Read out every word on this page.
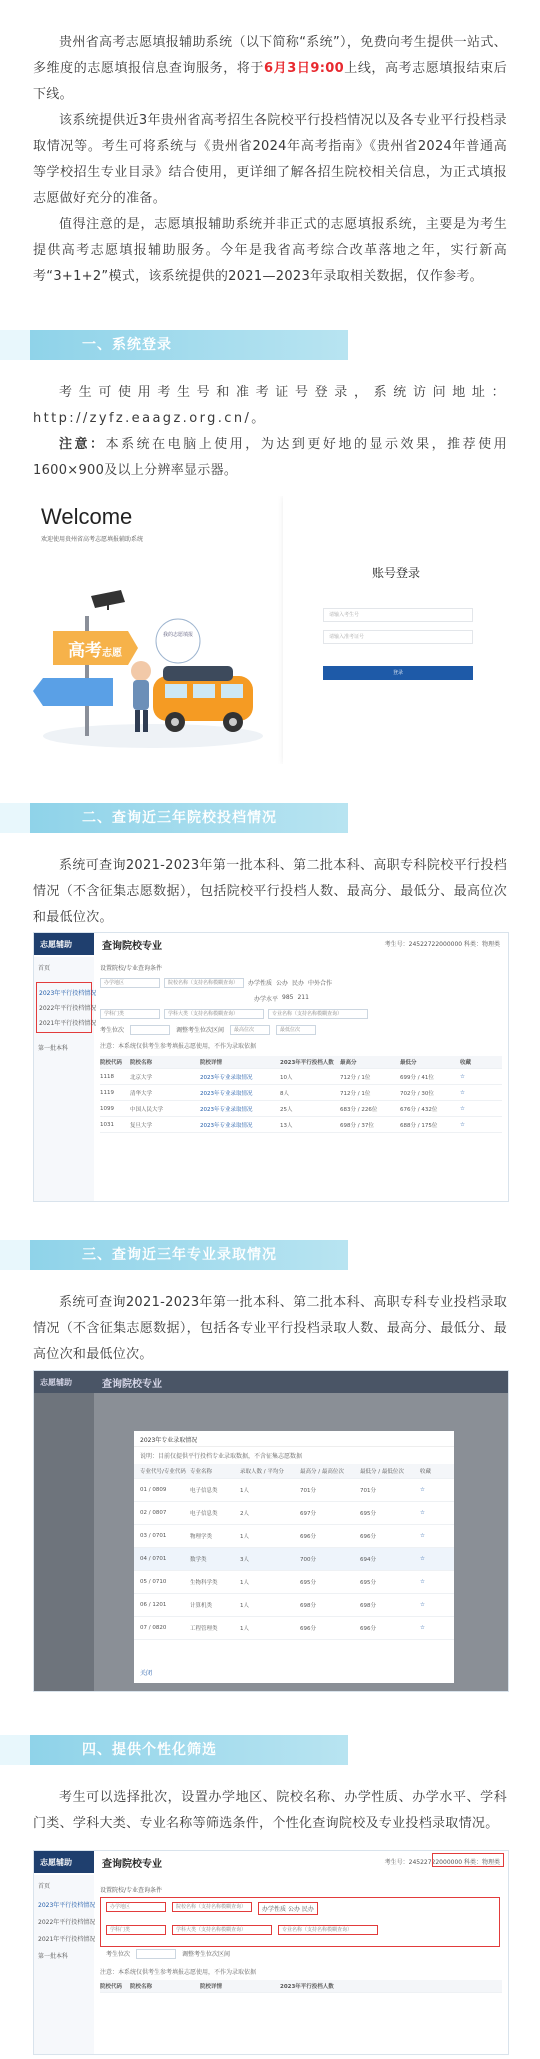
贵州省高考志愿填报辅助系统（以下简称“系统”），免费向考生提供一站式、多维度的志愿填报信息查询服务，将于6月3日9:00上线，高考志愿填报结束后下线。

该系统提供近3年贵州省高考招生各院校平行投档情况以及各专业平行投档录取情况等。考生可将系统与《贵州省2024年高考指南》《贵州省2024年普通高等学校招生专业目录》结合使用，更详细了解各招生院校相关信息，为正式填报志愿做好充分的准备。

值得注意的是，志愿填报辅助系统并非正式的志愿填报系统，主要是为考生提供高考志愿填报辅助服务。今年是我省高考综合改革落地之年，实行新高考“3+1+2”模式，该系统提供的2021—2023年录取相关数据，仅作参考。

一、系统登录

考生可使用考生号和准考证号登录，系统访问地址：http://zyfz.eaagz.org.cn/。

注意：本系统在电脑上使用，为达到更好地的显示效果，推荐使用1600×900及以上分辨率显示器。

Welcome
欢迎使用贵州省高考志愿填报辅助系统
高考志愿
我的志愿填报
账号登录
请输入考生号
请输入准考证号
登录
二、查询近三年院校投档情况

系统可查询2021-2023年第一批本科、第二批本科、高职专科院校平行投档情况（不含征集志愿数据），包括院校平行投档人数、最高分、最低分、最高位次和最低位次。

志愿辅助	查询院校专业	考生号：24522722000000 科类：物理类
首页
2023年平行投档情况
2022年平行投档情况
2021年平行投档情况
第一批本科
设置院校/专业查询条件
办学地区	院校名称（支持名称模糊查询）	办学性质 公办 民办 中外合作
办学水平 985 211
学科门类	学科大类（支持名称模糊查询）	专业名称（支持名称模糊查询）
考生位次	调整考生位次区间	最高位次	最低位次
注意：本系统仅供考生参考填报志愿使用，不作为录取依据
院校代码	院校名称	院校详情	2023年平行投档人数	最高分	最低分	收藏
1118	北京大学	2023年专业录取情况	10人	712分 / 1位	699分 / 41位	☆
1119	清华大学	2023年专业录取情况	8人	712分 / 1位	702分 / 30位	☆
1099	中国人民大学	2023年专业录取情况	25人	683分 / 226位	676分 / 432位	☆
1031	复旦大学	2023年专业录取情况	13人	698分 / 37位	688分 / 175位	☆
三、查询近三年专业录取情况

系统可查询2021-2023年第一批本科、第二批本科、高职专科专业投档录取情况（不含征集志愿数据），包括各专业平行投档录取人数、最高分、最低分、最高位次和最低位次。

志愿辅助	查询院校专业
2023年专业录取情况
说明：目前仅提供平行投档专业录取数据，不含征集志愿数据
专业代号/专业代码 专业名称	录取人数 / 平均分	最高分 / 最高位次	最低分 / 最低位次	收藏
01 / 0809	电子信息类	1人	701分	701分	☆
02 / 0807	电子信息类	2人	697分	695分	☆
03 / 0701	物理学类	1人	696分	696分	☆
04 / 0701	数学类	3人	700分	694分	☆
05 / 0710	生物科学类	1人	695分	695分	☆
06 / 1201	计算机类	1人	698分	698分	☆
07 / 0820	工程管理类	1人	696分	696分	☆
关闭
四、提供个性化筛选

考生可以选择批次，设置办学地区、院校名称、办学性质、办学水平、学科门类、学科大类、专业名称等筛选条件，个性化查询院校及专业投档录取情况。

志愿辅助	查询院校专业	考生号：24522722000000 科类：物理类
首页
2023年平行投档情况
2022年平行投档情况
2021年平行投档情况
第一批本科
设置院校/专业查询条件
办学地区	院校名称（支持名称模糊查询）	办学性质 公办 民办
学科门类	学科大类（支持名称模糊查询）	专业名称（支持名称模糊查询）
考生位次	调整考生位次区间
注意：本系统仅供考生参考填报志愿使用，不作为录取依据
院校代码	院校名称	院校详情	2023年平行投档人数
